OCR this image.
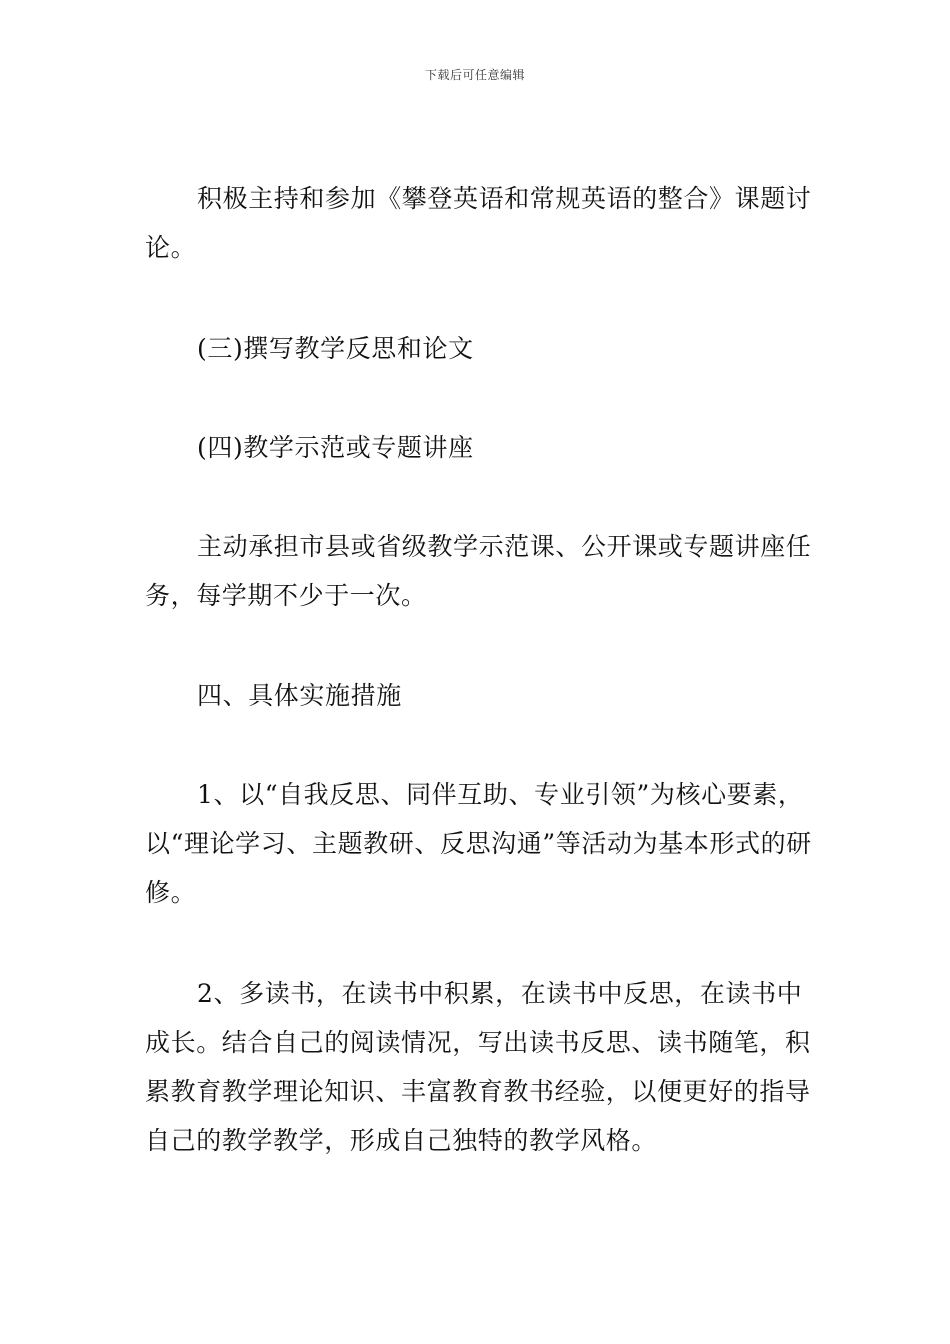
下载后可任意编辑

积极主持和参加《攀登英语和常规英语的整合》课题讨论。

(三)撰写教学反思和论文

(四)教学示范或专题讲座

主动承担市县或省级教学示范课、公开课或专题讲座任务，每学期不少于一次。

四、具体实施措施

1、以“自我反思、同伴互助、专业引领”为核心要素，以“理论学习、主题教研、反思沟通”等活动为基本形式的研修。

2、多读书，在读书中积累，在读书中反思，在读书中成长。结合自己的阅读情况，写出读书反思、读书随笔，积累教育教学理论知识、丰富教育教书经验，以便更好的指导自己的教学教学，形成自己独特的教学风格。
